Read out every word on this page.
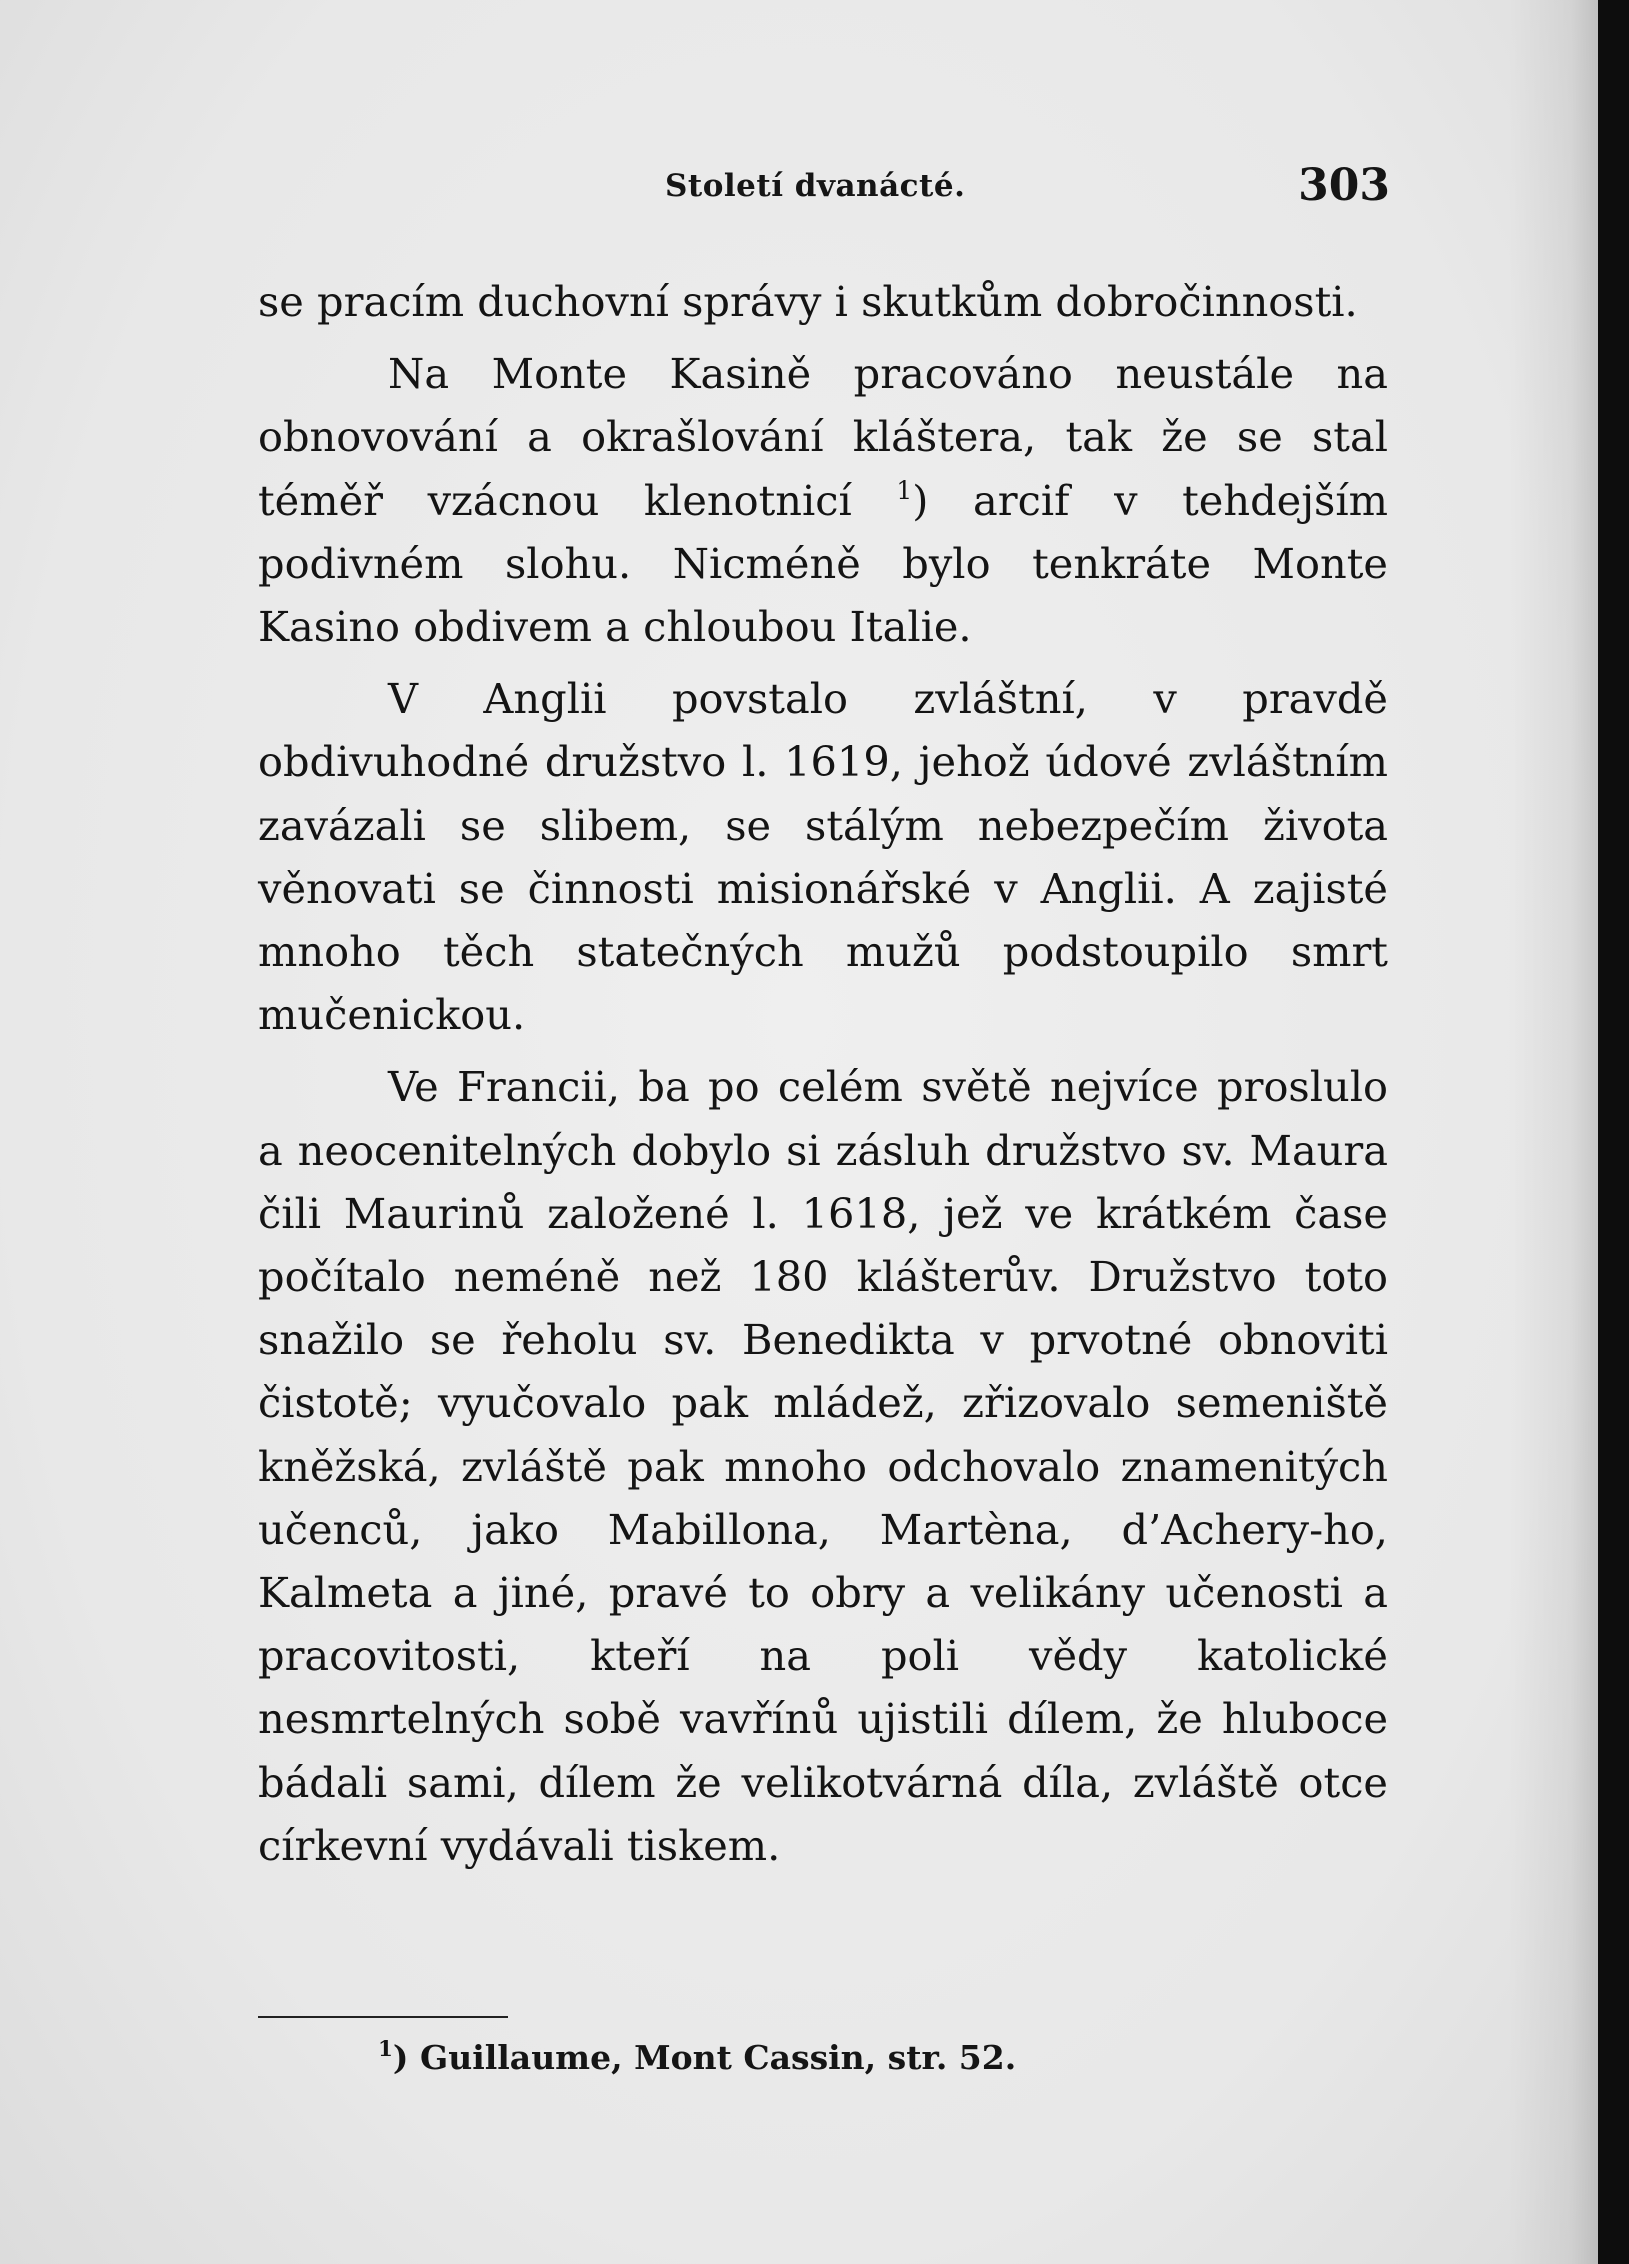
Století dvanácté.	303

se pracím duchovní správy i skutkům dobročinnosti.

Na Monte Kasině pracováno neustále na obnovování a okrašlování kláštera, tak že se stal téměř vzácnou klenotnicí $^1$) arcif v tehdejším podivném slohu. Nicméně bylo tenkráte Monte Kasino obdivem a chloubou Italie.

V Anglii povstalo zvláštní, v pravdě obdivuhodné družstvo l. 1619, jehož údové zvláštním zavázali se slibem, se stálým nebezpečím života věnovati se činnosti misionářské v Anglii. A zajisté mnoho těch statečných mužů podstoupilo smrt mučenickou.

Ve Francii, ba po celém světě nejvíce proslulo a neocenitelných dobylo si zásluh družstvo sv. Maura čili Maurinů založené l. 1618, jež ve krátkém čase počítalo neméně než 180 klášterův. Družstvo toto snažilo se řeholu sv. Benedikta v prvotné obnoviti čistotě; vyučovalo pak mládež, zřizovalo semeniště kněžská, zvláště pak mnoho odchovalo znamenitých učenců, jako Mabillona, Martèna, d’Achery-ho, Kalmeta a jiné, pravé to obry a velikány učenosti a pracovitosti, kteří na poli vědy katolické nesmrtelných sobě vavřínů ujistili dílem, že hluboce bádali sami, dílem že velikotvárná díla, zvláště otce církevní vydávali tiskem.

$^1$) Guillaume, Mont Cassin, str. 52.
